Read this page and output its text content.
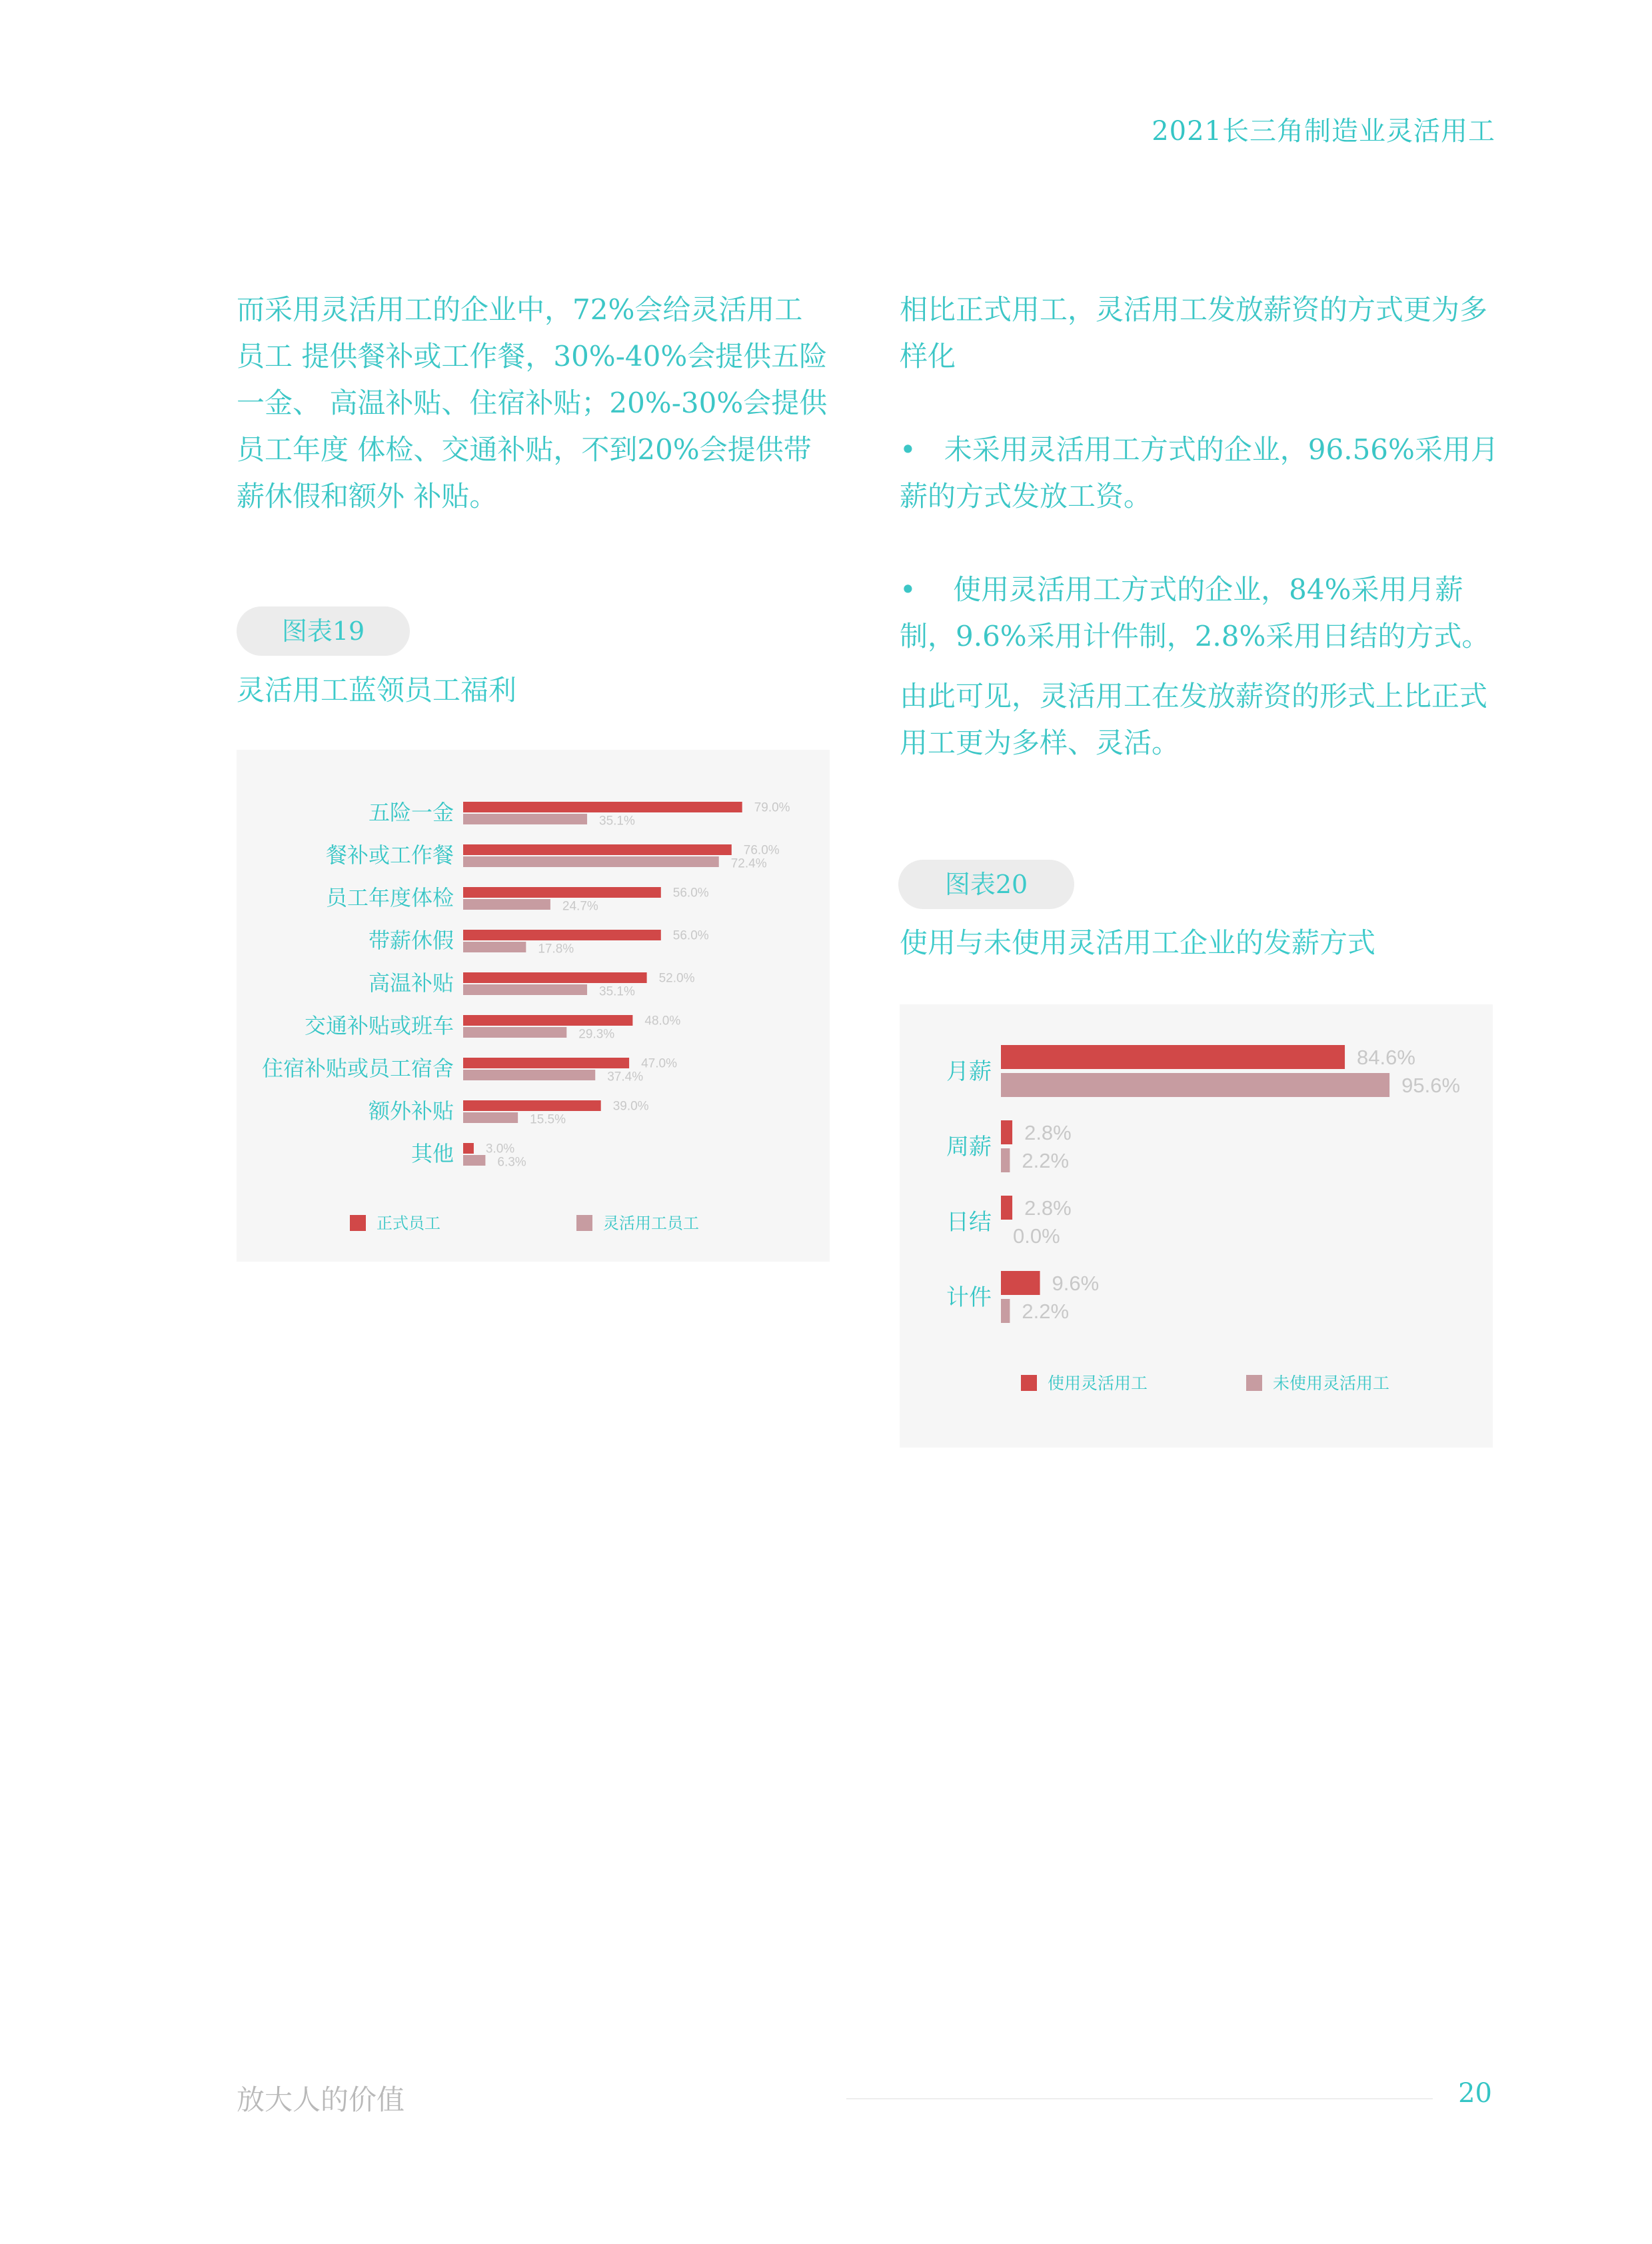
2021长三角制造业灵活用工

而采用灵活用工的企业中，72%会给灵活用工员工 提供餐补或工作餐，30%-40%会提供五险一金、 高温补贴、住宿补贴；20%-30%会提供员工年度 体检、交通补贴，不到20%会提供带薪休假和额外 补贴。

相比正式用工，灵活用工发放薪资的方式更为多样化

•　未采用灵活用工方式的企业，96.56%采用月薪的方式发放工资。

•　 使用灵活用工方式的企业，84%采用月薪制，9.6%采用计件制，2.8%采用日结的方式。

由此可见，灵活用工在发放薪资的形式上比正式用工更为多样、灵活。

图表19
灵活用工蓝领员工福利
五险一金	79.0%
35.1%
餐补或工作餐	76.0%
72.4%
员工年度体检	56.0%
24.7%
带薪休假	56.0%
17.8%
高温补贴	52.0%
35.1%
交通补贴或班车	48.0%
29.3%
住宿补贴或员工宿舍	47.0%
37.4%
额外补贴	39.0%
15.5%
其他	3.0%
6.3%
正式员工	灵活用工员工
图表20
使用与未使用灵活用工企业的发薪方式
月薪
84.6%
95.6%
周薪
2.8%
2.2%
日结
2.8%
0.0%
计件
9.6%
2.2%
使用灵活用工	未使用灵活用工
放大人的价值	20
